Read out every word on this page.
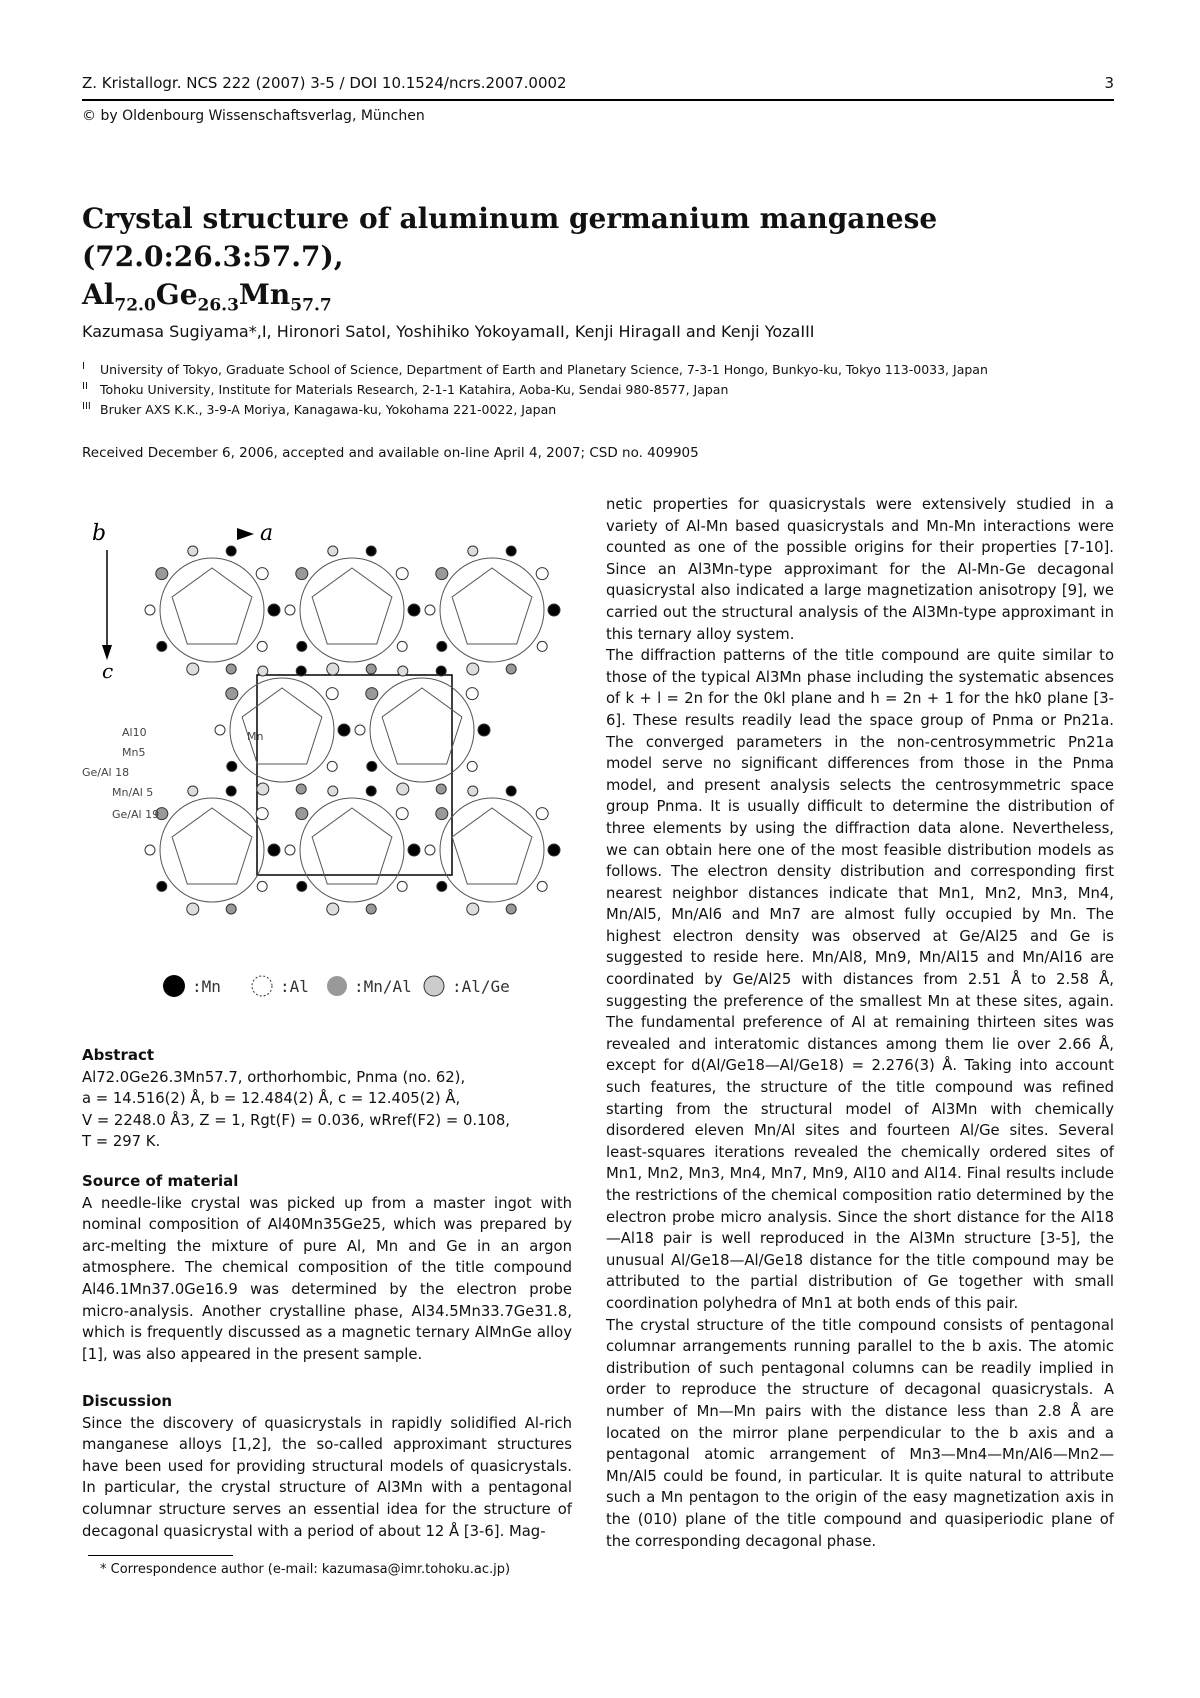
Z. Kristallogr. NCS 222 (2007) 3-5 / DOI 10.1524/ncrs.2007.0002	3
© by Oldenbourg Wissenschaftsverlag, München
Crystal structure of aluminum germanium manganese (72.0:26.3:57.7),
$Al_{72.0}Ge_{26.3}Mn_{57.7}$
Kazumasa Sugiyama*,I, Hironori SatoI, Yoshihiko YokoyamaII, Kenji HiragaII and Kenji YozaIII
I University of Tokyo, Graduate School of Science, Department of Earth and Planetary Science, 7-3-1 Hongo, Bunkyo-ku, Tokyo 113-0033, Japan
II Tohoku University, Institute for Materials Research, 2-1-1 Katahira, Aoba-Ku, Sendai 980-8577, Japan
III Bruker AXS K.K., 3-9-A Moriya, Kanagawa-ku, Yokohama 221-0022, Japan
Received December 6, 2006, accepted and available on-line April 4, 2007; CSD no. 409905
b
c
a
Al10
Mn5
Ge/Al 18
Mn/Al 5
Ge/Al 19
Mn
:Mn	:Al	:Mn/Al	:Al/Ge

Abstract

Al72.0Ge26.3Mn57.7, orthorhombic, Pnma (no. 62),

a = 14.516(2) Å, b = 12.484(2) Å, c = 12.405(2) Å,

V = 2248.0 Å3, Z = 1, Rgt(F) = 0.036, wRref(F2) = 0.108,

T = 297 K.

Source of material

A needle-like crystal was picked up from a master ingot with nominal composition of Al40Mn35Ge25, which was prepared by arc-melting the mixture of pure Al, Mn and Ge in an argon atmosphere. The chemical composition of the title compound Al46.1Mn37.0Ge16.9 was determined by the electron probe micro-analysis. Another crystalline phase, Al34.5Mn33.7Ge31.8, which is frequently discussed as a magnetic ternary AlMnGe alloy [1], was also appeared in the present sample.

Discussion

Since the discovery of quasicrystals in rapidly solidified Al-rich manganese alloys [1,2], the so-called approximant structures have been used for providing structural models of quasicrystals. In particular, the crystal structure of Al3Mn with a pentagonal columnar structure serves an essential idea for the structure of decagonal quasicrystal with a period of about 12 Å [3-6]. Mag-

netic properties for quasicrystals were extensively studied in a variety of Al-Mn based quasicrystals and Mn-Mn interactions were counted as one of the possible origins for their properties [7-10]. Since an Al3Mn-type approximant for the Al-Mn-Ge decagonal quasicrystal also indicated a large magnetization anisotropy [9], we carried out the structural analysis of the Al3Mn-type approximant in this ternary alloy system.

The diffraction patterns of the title compound are quite similar to those of the typical Al3Mn phase including the systematic absences of k + l = 2n for the 0kl plane and h = 2n + 1 for the hk0 plane [3-6]. These results readily lead the space group of Pnma or Pn21a. The converged parameters in the non-centrosymmetric Pn21a model serve no significant differences from those in the Pnma model, and present analysis selects the centrosymmetric space group Pnma. It is usually difficult to determine the distribution of three elements by using the diffraction data alone. Nevertheless, we can obtain here one of the most feasible distribution models as follows. The electron density distribution and corresponding first nearest neighbor distances indicate that Mn1, Mn2, Mn3, Mn4, Mn/Al5, Mn/Al6 and Mn7 are almost fully occupied by Mn. The highest electron density was observed at Ge/Al25 and Ge is suggested to reside here. Mn/Al8, Mn9, Mn/Al15 and Mn/Al16 are coordinated by Ge/Al25 with distances from 2.51 Å to 2.58 Å, suggesting the preference of the smallest Mn at these sites, again. The fundamental preference of Al at remaining thirteen sites was revealed and interatomic distances among them lie over 2.66 Å, except for d(Al/Ge18—Al/Ge18) = 2.276(3) Å. Taking into account such features, the structure of the title compound was refined starting from the structural model of Al3Mn with chemically disordered eleven Mn/Al sites and fourteen Al/Ge sites. Several least-squares iterations revealed the chemically ordered sites of Mn1, Mn2, Mn3, Mn4, Mn7, Mn9, Al10 and Al14. Final results include the restrictions of the chemical composition ratio determined by the electron probe micro analysis. Since the short distance for the Al18—Al18 pair is well reproduced in the Al3Mn structure [3-5], the unusual Al/Ge18—Al/Ge18 distance for the title compound may be attributed to the partial distribution of Ge together with small coordination polyhedra of Mn1 at both ends of this pair.

The crystal structure of the title compound consists of pentagonal columnar arrangements running parallel to the b axis. The atomic distribution of such pentagonal columns can be readily implied in order to reproduce the structure of decagonal quasicrystals. A number of Mn—Mn pairs with the distance less than 2.8 Å are located on the mirror plane perpendicular to the b axis and a pentagonal atomic arrangement of Mn3—Mn4—Mn/Al6—Mn2—Mn/Al5 could be found, in particular. It is quite natural to attribute such a Mn pentagon to the origin of the easy magnetization axis in the (010) plane of the title compound and quasiperiodic plane of the corresponding decagonal phase.

* Correspondence author (e-mail: kazumasa@imr.tohoku.ac.jp)
